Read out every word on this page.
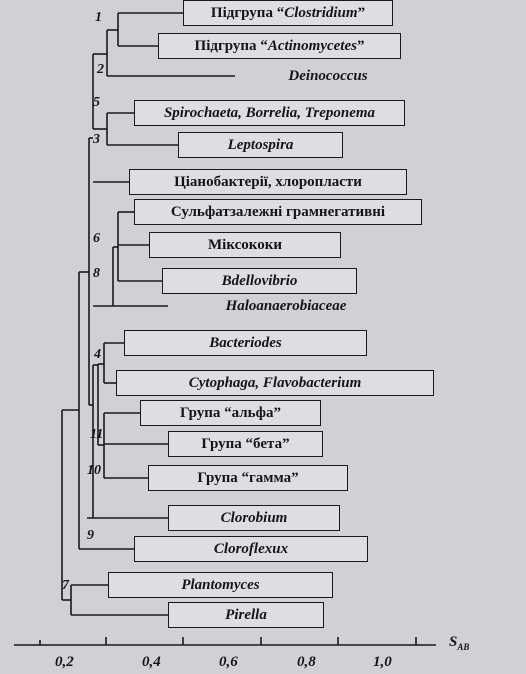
Підгрупа “ Clostridium ”
Підгрупа “ Actinomycetes ”
Deinococcus
Spirochaeta, Borrelia, Treponema
Leptospira
Ціанобактерії, хлоропласти
Сульфатзалежні грамнегативні
Міксококи
Bdellovibrio
Haloanaerobiaceae
Bacteriodes
Cytophaga, Flavobacterium
Група “альфа”
Група “бета”
Група “гамма”
Clorobium
Cloroflexux
Plantomyces
Pirella
1
2
5
3
6
8
4
11
10
9
7
0,2	0,4	0,6	0,8	1,0
$S_{AB}$
